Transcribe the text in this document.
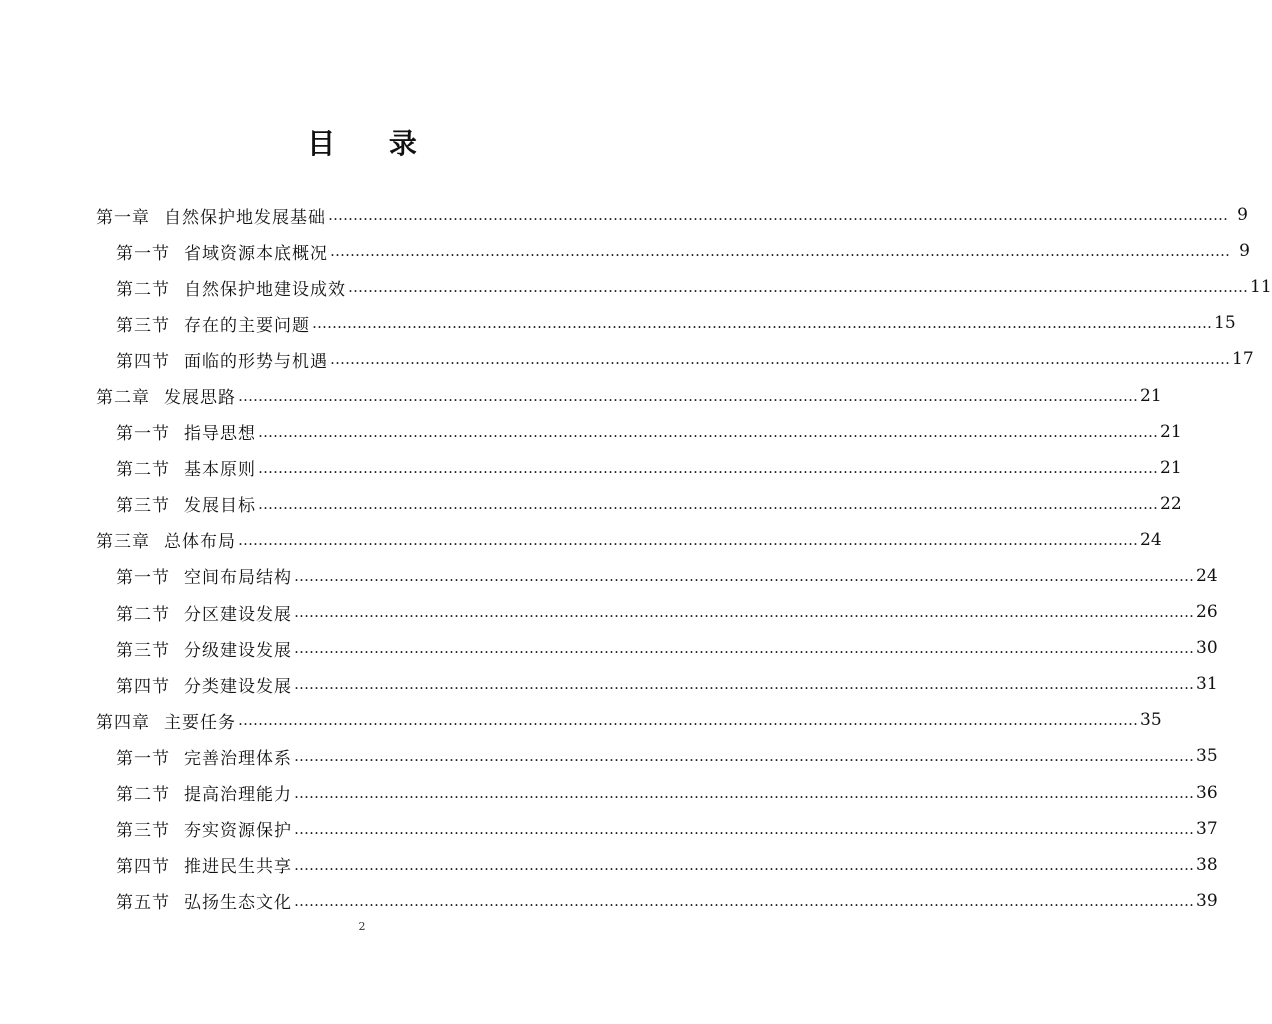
目 录
第一章 自然保护地发展基础 ……………………………………………………………………………………………………………………………………………………………… 9
第一节 省域资源本底概况 ……………………………………………………………………………………………………………………………………………………………… 9
第二节 自然保护地建设成效 ……………………………………………………………………………………………………………………………………………………………… 11
第三节 存在的主要问题 ……………………………………………………………………………………………………………………………………………………………… 15
第四节 面临的形势与机遇 ……………………………………………………………………………………………………………………………………………………………… 17
第二章 发展思路 ……………………………………………………………………………………………………………………………………………………………… 21
第一节 指导思想 ……………………………………………………………………………………………………………………………………………………………… 21
第二节 基本原则 ……………………………………………………………………………………………………………………………………………………………… 21
第三节 发展目标 ……………………………………………………………………………………………………………………………………………………………… 22
第三章 总体布局 ……………………………………………………………………………………………………………………………………………………………… 24
第一节 空间布局结构 ……………………………………………………………………………………………………………………………………………………………… 24
第二节 分区建设发展 ……………………………………………………………………………………………………………………………………………………………… 26
第三节 分级建设发展 ……………………………………………………………………………………………………………………………………………………………… 30
第四节 分类建设发展 ……………………………………………………………………………………………………………………………………………………………… 31
第四章 主要任务 ……………………………………………………………………………………………………………………………………………………………… 35
第一节 完善治理体系 ……………………………………………………………………………………………………………………………………………………………… 35
第二节 提高治理能力 ……………………………………………………………………………………………………………………………………………………………… 36
第三节 夯实资源保护 ……………………………………………………………………………………………………………………………………………………………… 37
第四节 推进民生共享 ……………………………………………………………………………………………………………………………………………………………… 38
第五节 弘扬生态文化 ……………………………………………………………………………………………………………………………………………………………… 39
2
